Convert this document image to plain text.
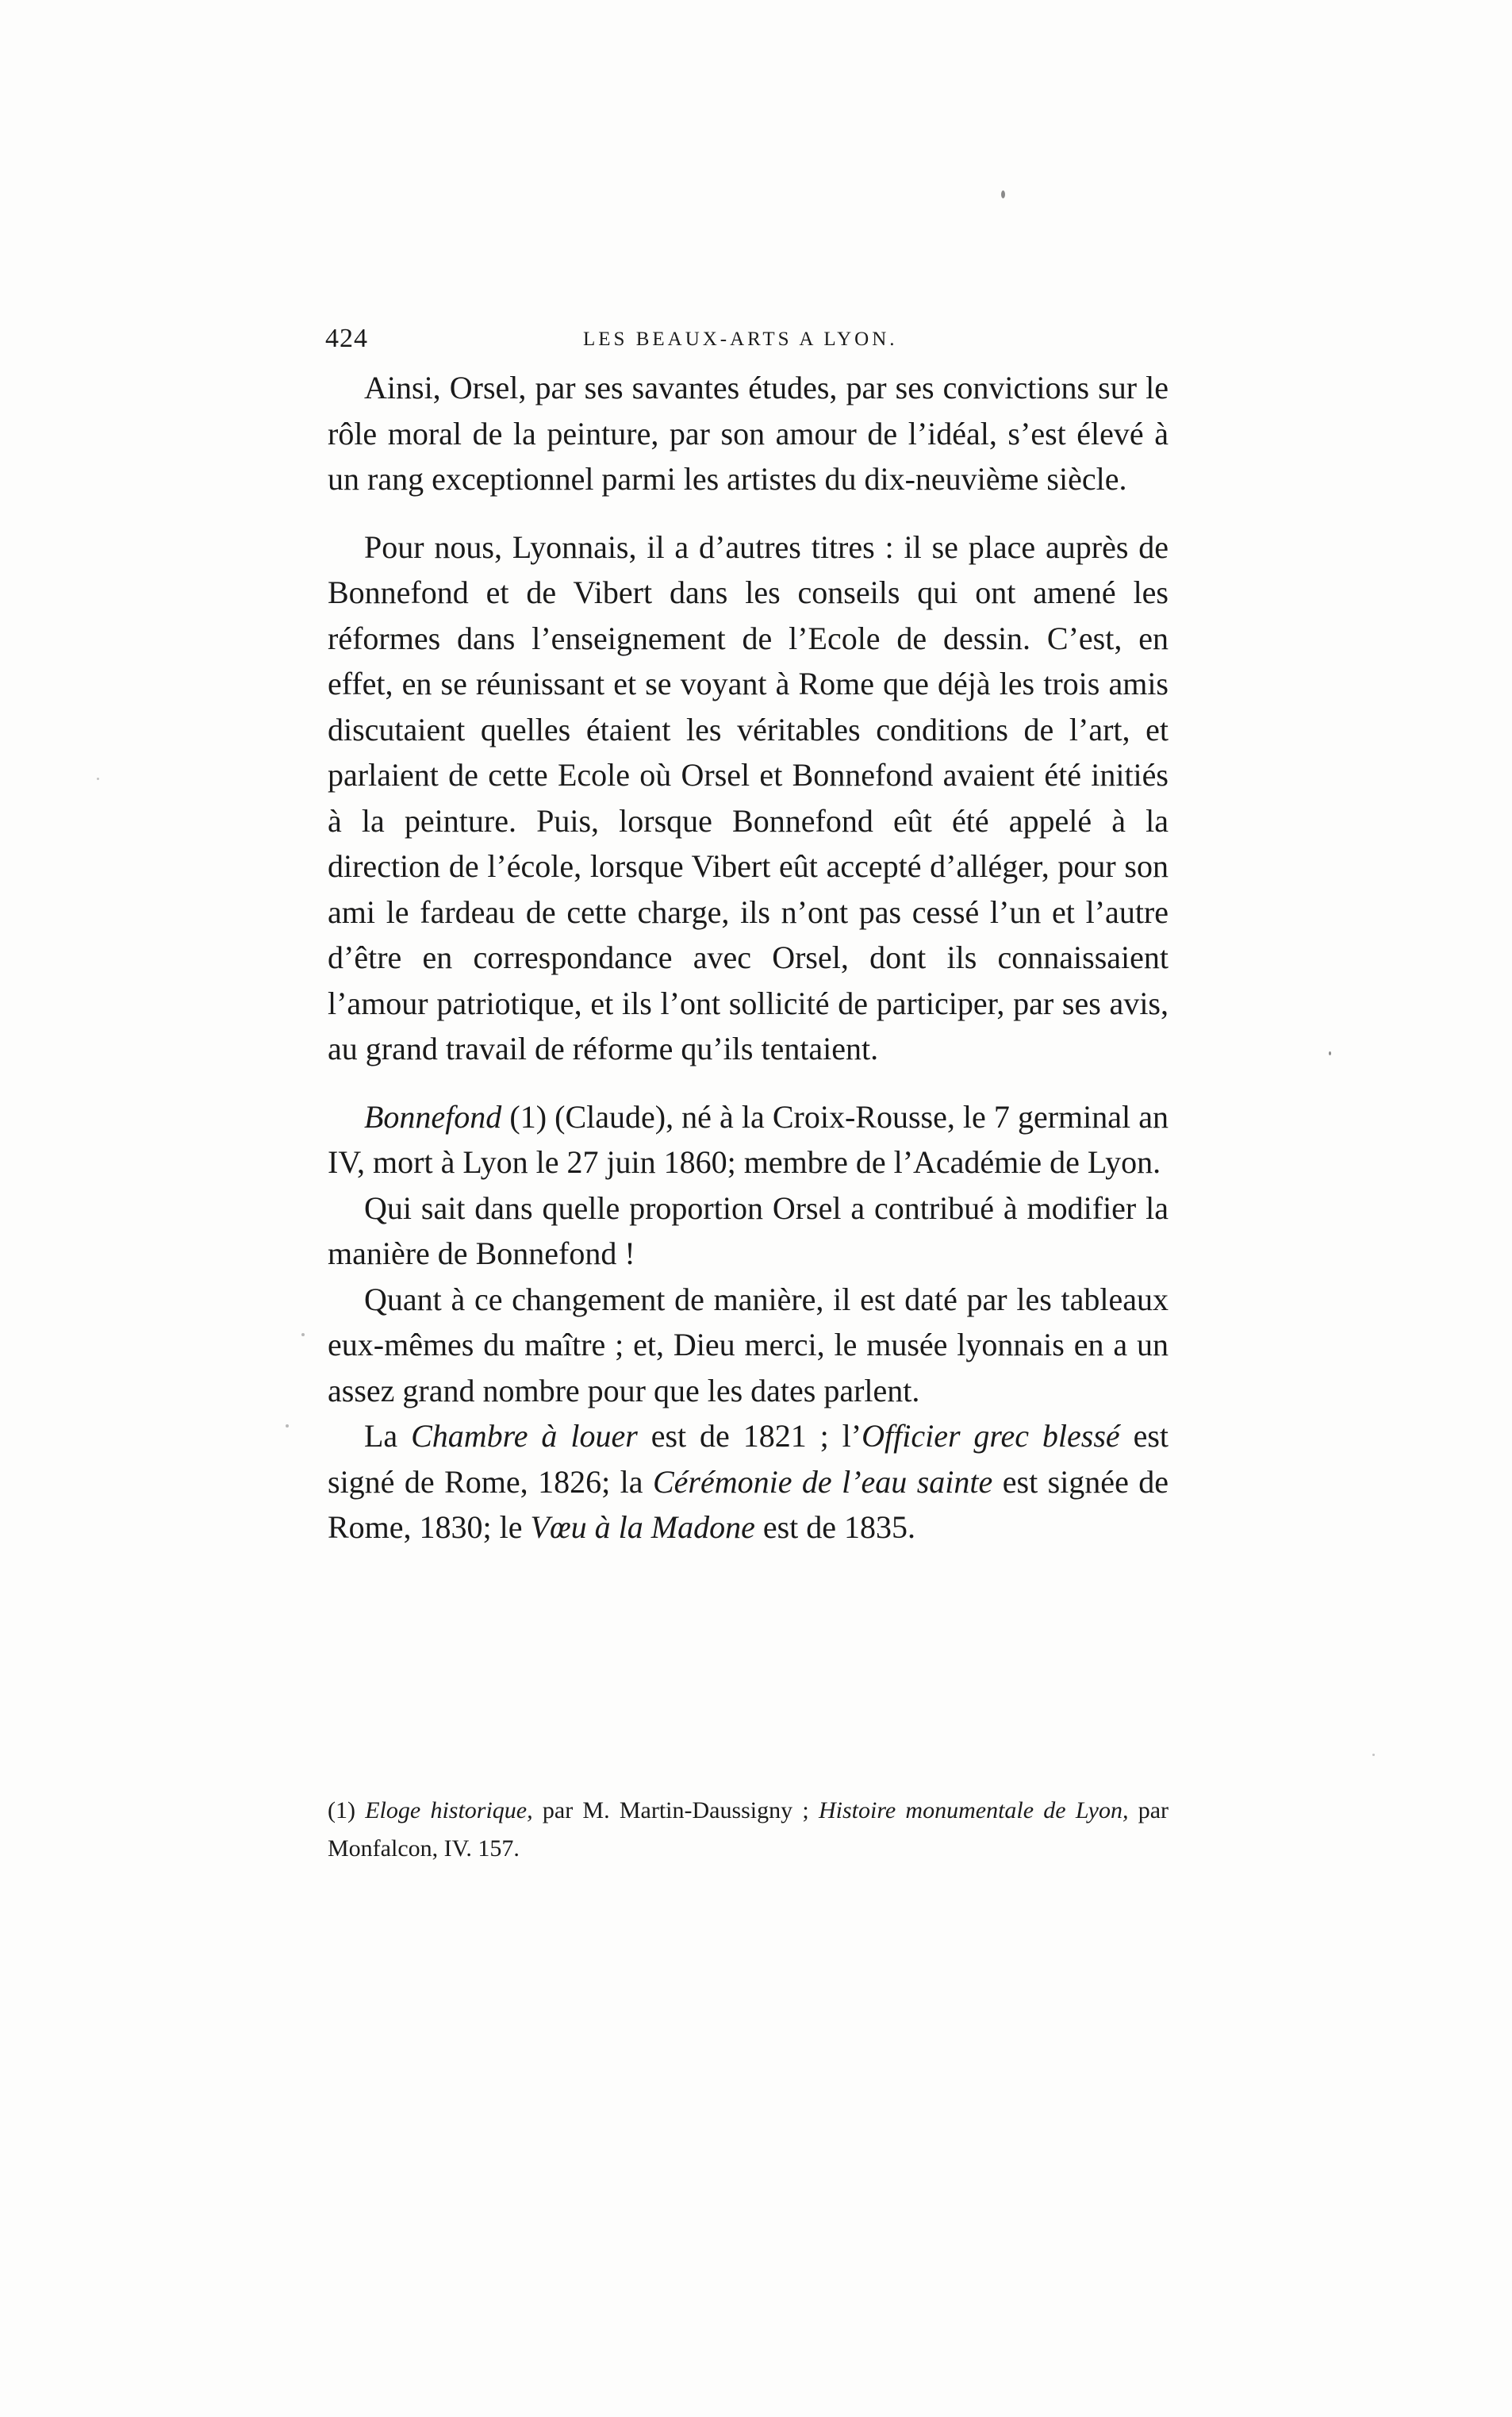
424	LES BEAUX-ARTS A LYON.

Ainsi, Orsel, par ses savantes études, par ses convictions sur le rôle moral de la peinture, par son amour de l’idéal, s’est élevé à un rang exceptionnel parmi les artistes du dix-neuvième siècle.

Pour nous, Lyonnais, il a d’autres titres : il se place auprès de Bonnefond et de Vibert dans les conseils qui ont amené les réformes dans l’enseignement de l’Ecole de dessin. C’est, en effet, en se réunissant et se voyant à Rome que déjà les trois amis discutaient quelles étaient les véritables conditions de l’art, et parlaient de cette Ecole où Orsel et Bonnefond avaient été initiés à la peinture. Puis, lorsque Bonnefond eût été appelé à la direction de l’école, lorsque Vibert eût accepté d’alléger, pour son ami le fardeau de cette charge, ils n’ont pas cessé l’un et l’autre d’être en correspondance avec Orsel, dont ils connaissaient l’amour patriotique, et ils l’ont sollicité de participer, par ses avis, au grand travail de réforme qu’ils tentaient.

Bonnefond (1) (Claude), né à la Croix-Rousse, le 7 germinal an IV, mort à Lyon le 27 juin 1860; membre de l’Académie de Lyon.

Qui sait dans quelle proportion Orsel a contribué à modifier la manière de Bonnefond !

Quant à ce changement de manière, il est daté par les tableaux eux-mêmes du maître ; et, Dieu merci, le musée lyonnais en a un assez grand nombre pour que les dates parlent.

La Chambre à louer est de 1821 ; l’Officier grec blessé est signé de Rome, 1826; la Cérémonie de l’eau sainte est signée de Rome, 1830; le Vœu à la Madone est de 1835.

(1) Eloge historique, par M. Martin-Daussigny ; Histoire monumentale de Lyon, par Monfalcon, IV. 157.
